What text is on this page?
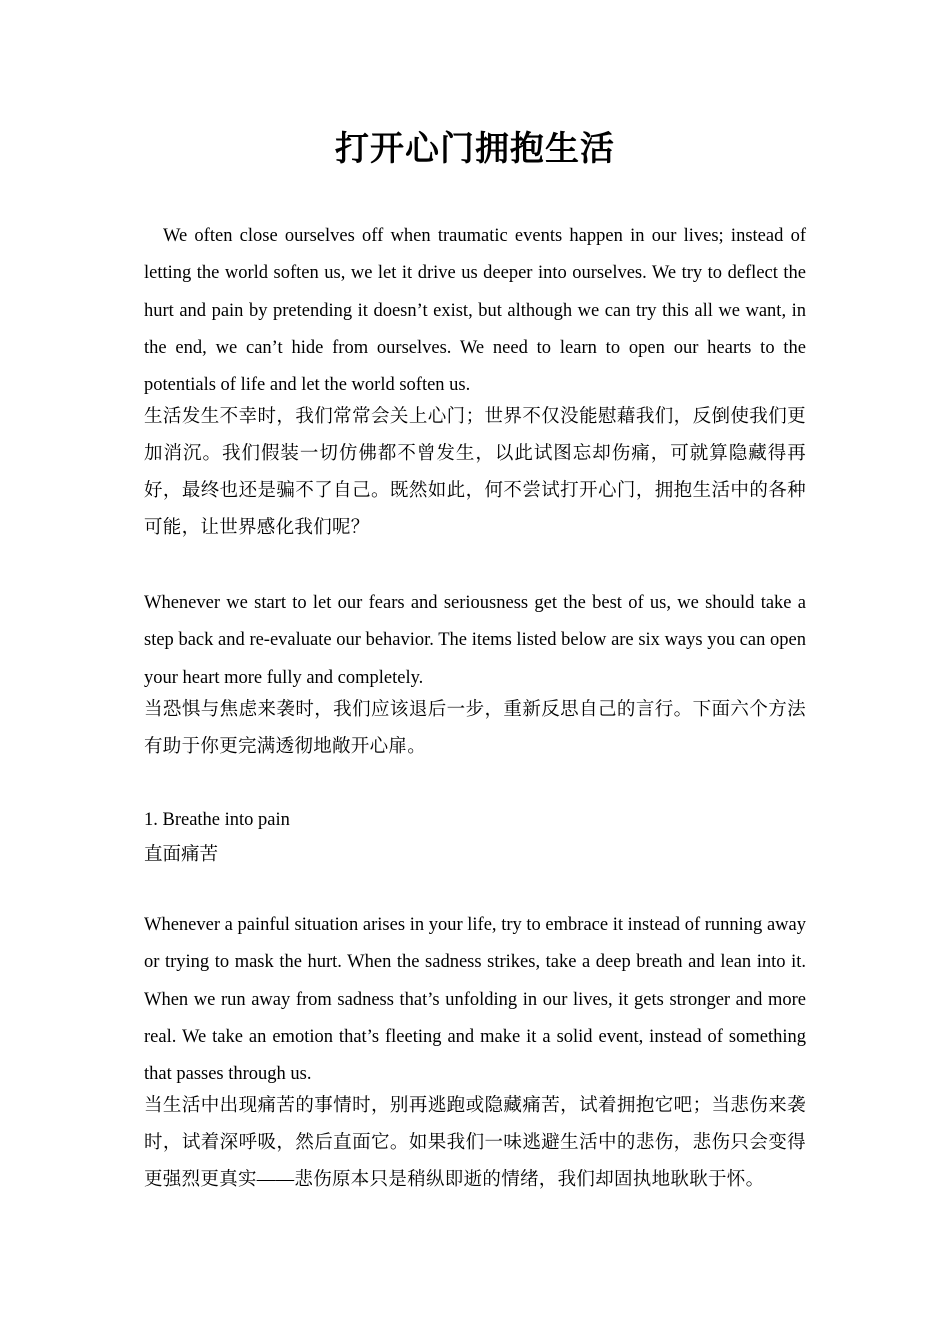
打开心门拥抱生活

We often close ourselves off when traumatic events happen in our lives; instead of letting the world soften us, we let it drive us deeper into ourselves. We try to deflect the hurt and pain by pretending it doesn’t exist, but although we can try this all we want, in the end, we can’t hide from ourselves. We need to learn to open our hearts to the potentials of life and let the world soften us.

生活发生不幸时，我们常常会关上心门；世界不仅没能慰藉我们，反倒使我们更加消沉。我们假装一切仿佛都不曾发生，以此试图忘却伤痛，可就算隐藏得再好，最终也还是骗不了自己。既然如此，何不尝试打开心门，拥抱生活中的各种可能，让世界感化我们呢？

Whenever we start to let our fears and seriousness get the best of us, we should take a step back and re-evaluate our behavior. The items listed below are six ways you can open your heart more fully and completely.

当恐惧与焦虑来袭时，我们应该退后一步，重新反思自己的言行。下面六个方法有助于你更完满透彻地敞开心扉。

1. Breathe into pain
直面痛苦

Whenever a painful situation arises in your life, try to embrace it instead of running away or trying to mask the hurt. When the sadness strikes, take a deep breath and lean into it. When we run away from sadness that’s unfolding in our lives, it gets stronger and more real. We take an emotion that’s fleeting and make it a solid event, instead of something that passes through us.

当生活中出现痛苦的事情时，别再逃跑或隐藏痛苦，试着拥抱它吧；当悲伤来袭时，试着深呼吸，然后直面它。如果我们一味逃避生活中的悲伤，悲伤只会变得更强烈更真实——悲伤原本只是稍纵即逝的情绪，我们却固执地耿耿于怀。
